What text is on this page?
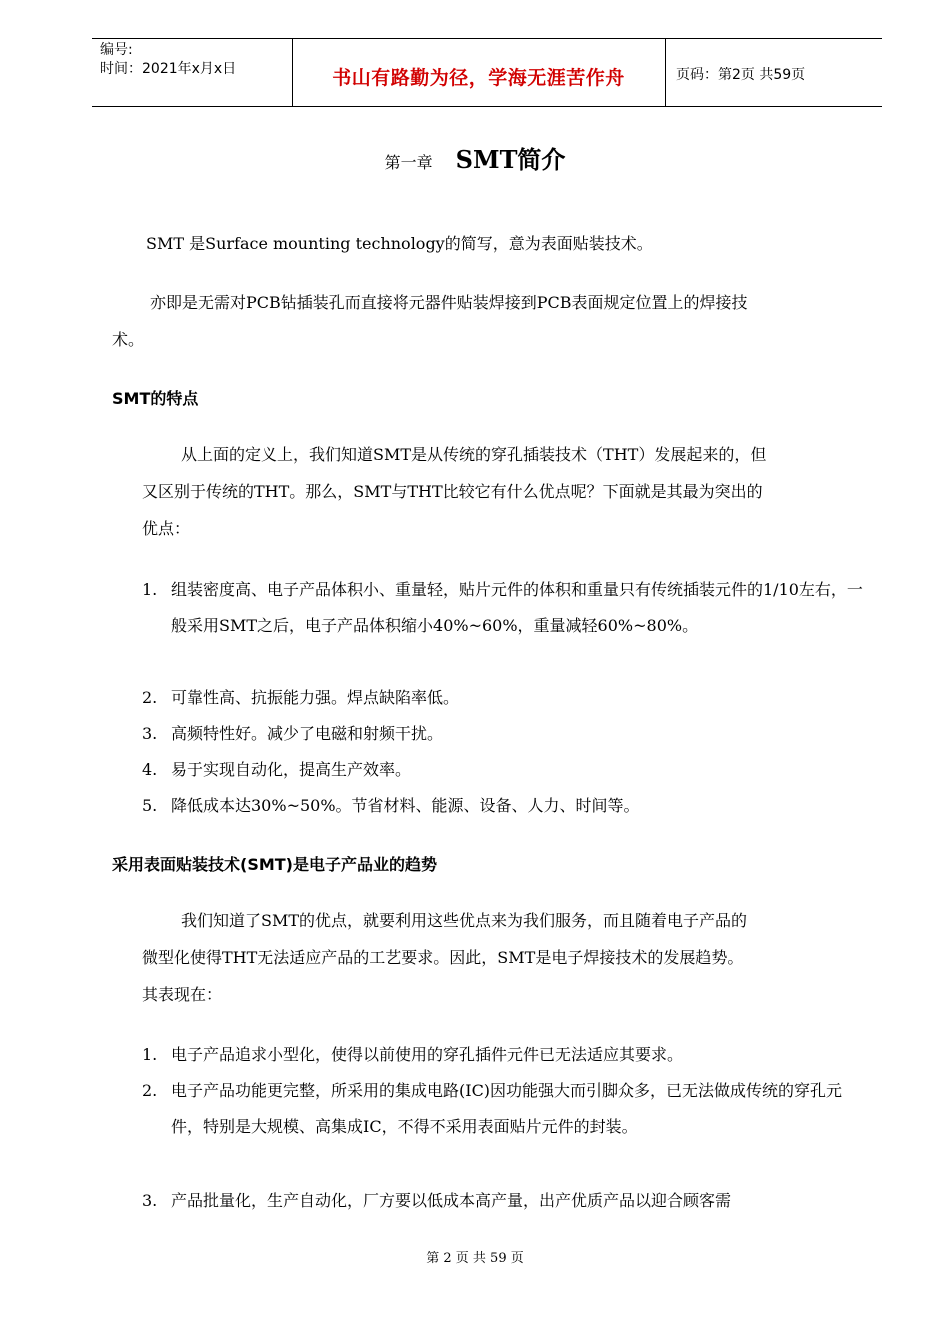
编号:
时间：2021年x月x日	书山有路勤为径，学海无涯苦作舟	页码：第2页 共59页
第一章 SMT简介
SMT 是Surface mounting technology的简写，意为表面贴装技术。
亦即是无需对PCB钻插装孔而直接将元器件贴装焊接到PCB表面规定位置上的焊接技
术。
SMT的特点
从上面的定义上，我们知道SMT是从传统的穿孔插装技术（THT）发展起来的，但
又区别于传统的THT。那么，SMT与THT比较它有什么优点呢？下面就是其最为突出的
优点：
1. 组装密度高、电子产品体积小、重量轻，贴片元件的体积和重量只有传统插装元件的1/10左右，一般采用SMT之后，电子产品体积缩小40%~60%，重量减轻60%~80%。
2. 可靠性高、抗振能力强。焊点缺陷率低。
3. 高频特性好。减少了电磁和射频干扰。
4. 易于实现自动化，提高生产效率。
5. 降低成本达30%~50%。节省材料、能源、设备、人力、时间等。
采用表面贴装技术(SMT)是电子产品业的趋势
我们知道了SMT的优点，就要利用这些优点来为我们服务，而且随着电子产品的
微型化使得THT无法适应产品的工艺要求。因此，SMT是电子焊接技术的发展趋势。
其表现在：
1. 电子产品追求小型化，使得以前使用的穿孔插件元件已无法适应其要求。
2. 电子产品功能更完整，所采用的集成电路(IC)因功能强大而引脚众多，已无法做成传统的穿孔元件，特别是大规模、高集成IC，不得不采用表面贴片元件的封装。
3. 产品批量化，生产自动化，厂方要以低成本高产量，出产优质产品以迎合顾客需
第 2 页 共 59 页
